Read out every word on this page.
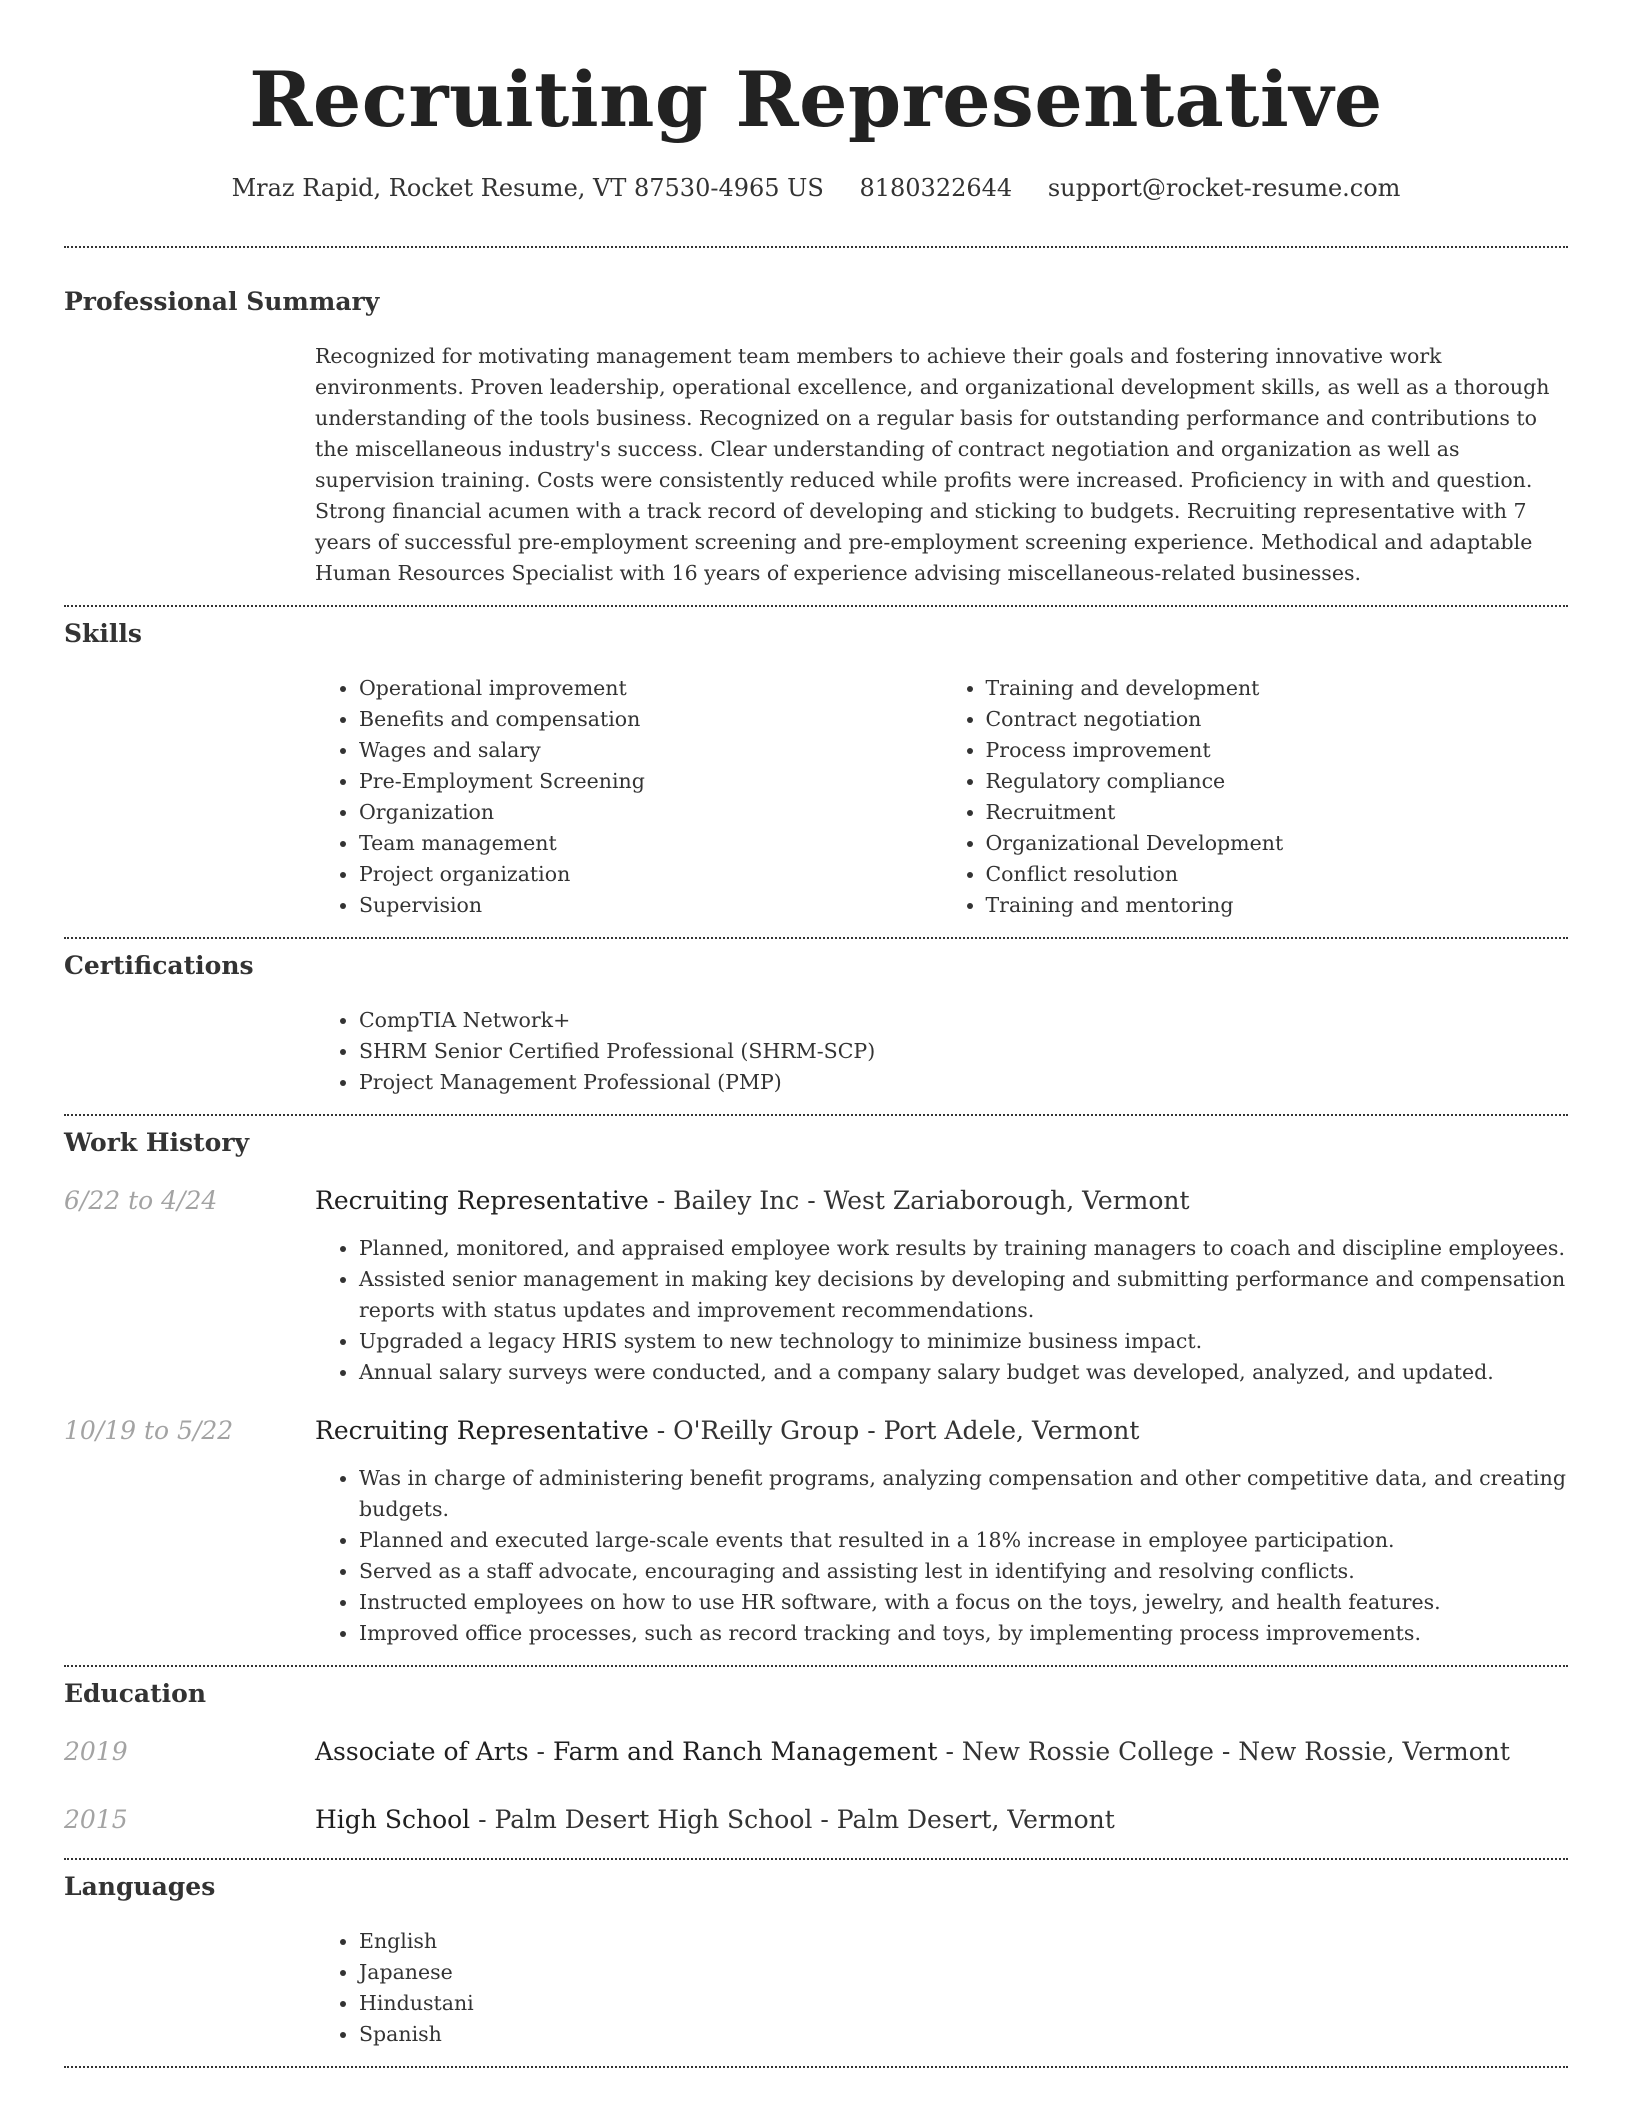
Recruiting Representative
Mraz Rapid, Rocket Resume, VT 87530-4965 US 8180322644 support@rocket-resume.com
Professional Summary
Recognized for motivating management team members to achieve their goals and fostering innovative work environments. Proven leadership, operational excellence, and organizational development skills, as well as a thorough understanding of the tools business. Recognized on a regular basis for outstanding performance and contributions to the miscellaneous industry's success. Clear understanding of contract negotiation and organization as well as supervision training. Costs were consistently reduced while profits were increased. Proficiency in with and question. Strong financial acumen with a track record of developing and sticking to budgets. Recruiting representative with 7 years of successful pre-employment screening and pre-employment screening experience. Methodical and adaptable Human Resources Specialist with 16 years of experience advising miscellaneous-related businesses.
Skills
• Operational improvement
• Benefits and compensation
• Wages and salary
• Pre-Employment Screening
• Organization
• Team management
• Project organization
• Supervision
• Training and development
• Contract negotiation
• Process improvement
• Regulatory compliance
• Recruitment
• Organizational Development
• Conflict resolution
• Training and mentoring
Certifications
• CompTIA Network+
• SHRM Senior Certified Professional (SHRM-SCP)
• Project Management Professional (PMP)
Work History
6/22 to 4/24	Recruiting Representative - Bailey Inc - West Zariaborough, Vermont
• Planned, monitored, and appraised employee work results by training managers to coach and discipline employees.
• Assisted senior management in making key decisions by developing and submitting performance and compensation reports with status updates and improvement recommendations.
• Upgraded a legacy HRIS system to new technology to minimize business impact.
• Annual salary surveys were conducted, and a company salary budget was developed, analyzed, and updated.
10/19 to 5/22	Recruiting Representative - O'Reilly Group - Port Adele, Vermont
• Was in charge of administering benefit programs, analyzing compensation and other competitive data, and creating budgets.
• Planned and executed large-scale events that resulted in a 18% increase in employee participation.
• Served as a staff advocate, encouraging and assisting lest in identifying and resolving conflicts.
• Instructed employees on how to use HR software, with a focus on the toys, jewelry, and health features.
• Improved office processes, such as record tracking and toys, by implementing process improvements.
Education
2019	Associate of Arts - Farm and Ranch Management - New Rossie College - New Rossie, Vermont
2015	High School - Palm Desert High School - Palm Desert, Vermont
Languages
• English
• Japanese
• Hindustani
• Spanish
